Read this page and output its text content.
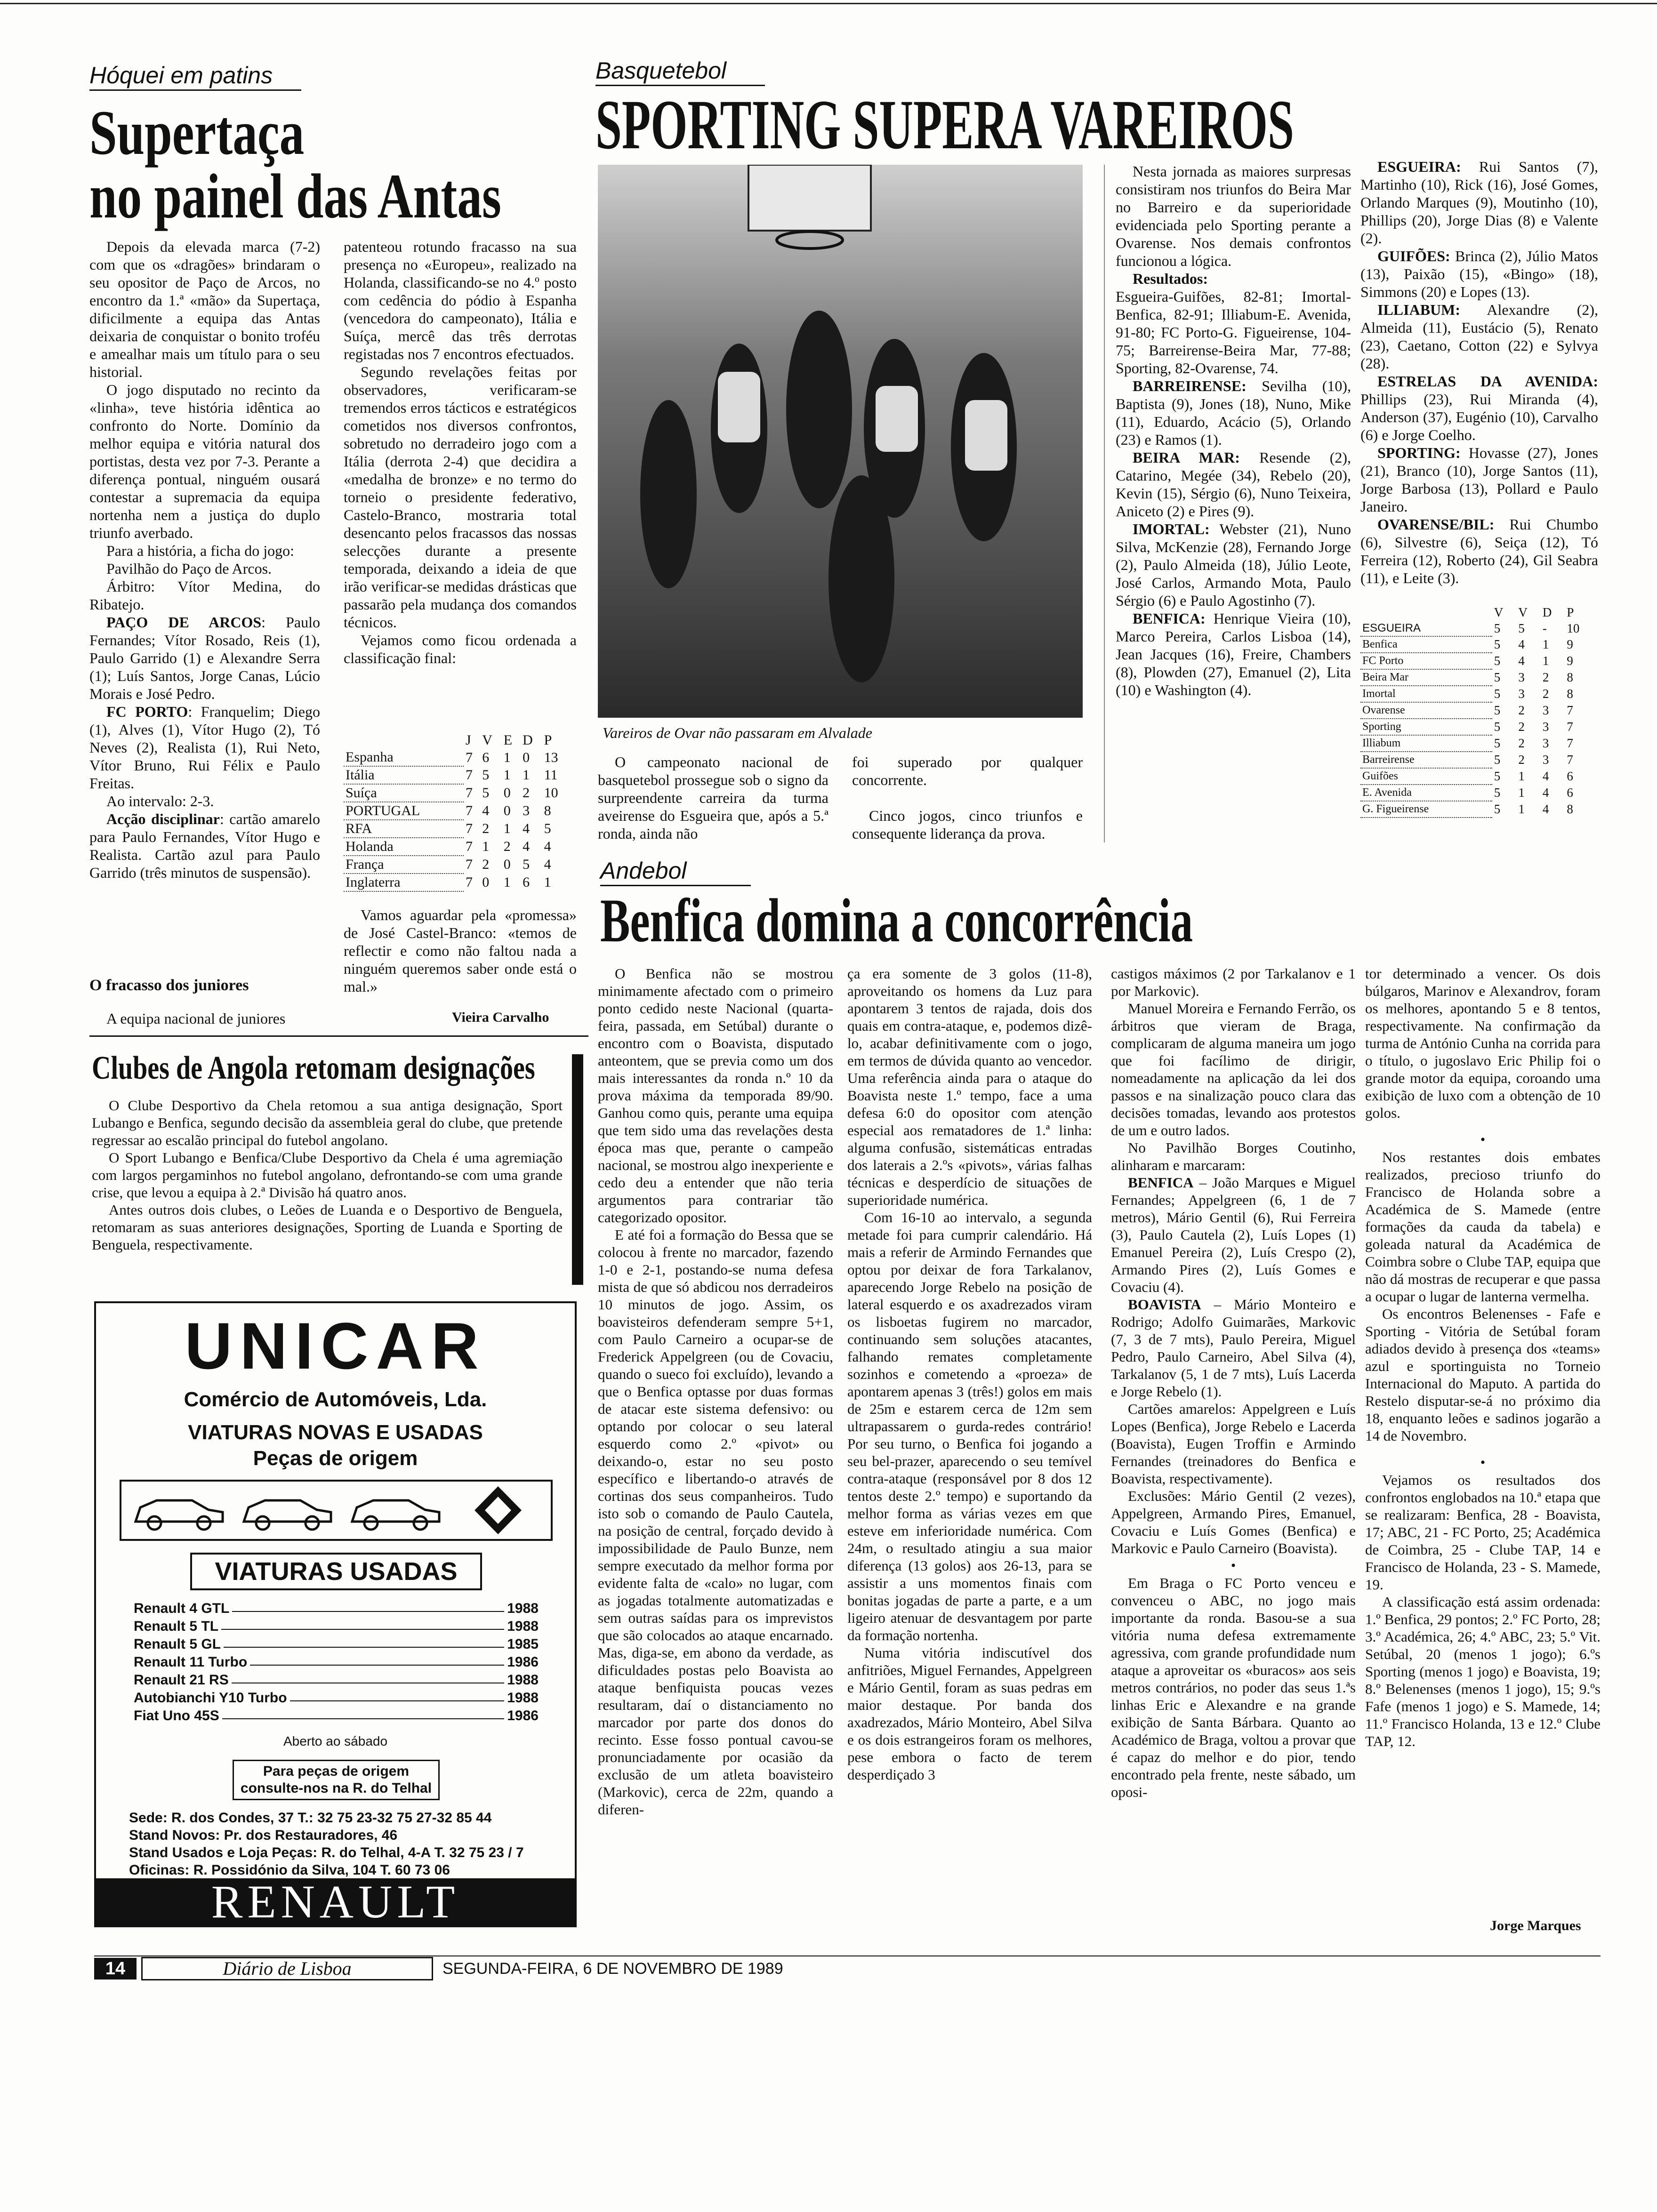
Hóquei em patins
Supertaça
no painel das Antas

Depois da elevada marca (7-2) com que os «dragões» brindaram o seu opositor de Paço de Arcos, no encontro da 1.ª «mão» da Supertaça, dificilmente a equipa das Antas deixaria de conquistar o bonito troféu e amealhar mais um título para o seu historial.

O jogo disputado no recinto da «linha», teve história idêntica ao confronto do Norte. Domínio da melhor equipa e vitória natural dos portistas, desta vez por 7-3. Perante a diferença pontual, ninguém ousará contestar a supremacia da equipa nortenha nem a justiça do duplo triunfo averbado.

Para a história, a ficha do jogo:

Pavilhão do Paço de Arcos.

Árbitro: Vítor Medina, do Ribatejo.

PAÇO DE ARCOS: Paulo Fernandes; Vítor Rosado, Reis (1), Paulo Garrido (1) e Alexandre Serra (1); Luís Santos, Jorge Canas, Lúcio Morais e José Pedro.

FC PORTO: Franquelim; Diego (1), Alves (1), Vítor Hugo (2), Tó Neves (2), Realista (1), Rui Neto, Vítor Bruno, Rui Félix e Paulo Freitas.

Ao intervalo: 2-3.

Acção disciplinar: cartão amarelo para Paulo Fernandes, Vítor Hugo e Realista. Cartão azul para Paulo Garrido (três minutos de suspensão).

O fracasso dos juniores

A equipa nacional de juniores

patenteou rotundo fracasso na sua presença no «Europeu», realizado na Holanda, classificando-se no 4.º posto com cedência do pódio à Espanha (vencedora do campeonato), Itália e Suíça, mercê das três derrotas registadas nos 7 encontros efectuados.

Segundo revelações feitas por observadores, verificaram-se tremendos erros tácticos e estratégicos cometidos nos diversos confrontos, sobretudo no derradeiro jogo com a Itália (derrota 2-4) que decidira a «medalha de bronze» e no termo do torneio o presidente federativo, Castelo-Branco, mostraria total desencanto pelos fracassos das nossas selecções durante a presente temporada, deixando a ideia de que irão verificar-se medidas drásticas que passarão pela mudança dos comandos técnicos.

Vejamos como ficou ordenada a classificação final:

	J	V	E	D	P
Espanha	7	6	1	0	13
Itália	7	5	1	1	11
Suíça	7	5	0	2	10
PORTUGAL	7	4	0	3	8
RFA	7	2	1	4	5
Holanda	7	1	2	4	4
França	7	2	0	5	4
Inglaterra	7	0	1	6	1

Vamos aguardar pela «promessa» de José Castel-Branco: «temos de reflectir e como não faltou nada a ninguém queremos saber onde está o mal.»

Vieira Carvalho
Clubes de Angola retomam designações

O Clube Desportivo da Chela retomou a sua antiga designação, Sport Lubango e Benfica, segundo decisão da assembleia geral do clube, que pretende regressar ao escalão principal do futebol angolano.

O Sport Lubango e Benfica/Clube Desportivo da Chela é uma agremiação com largos pergaminhos no futebol angolano, defrontando-se com uma grande crise, que levou a equipa à 2.ª Divisão há quatro anos.

Antes outros dois clubes, o Leões de Luanda e o Desportivo de Benguela, retomaram as suas anteriores designações, Sporting de Luanda e Sporting de Benguela, respectivamente.

UNICAR
Comércio de Automóveis, Lda.
VIATURAS NOVAS E USADAS
Peças de origem
VIATURAS USADAS
Renault 4 GTL	1988
Renault 5 TL	1988
Renault 5 GL	1985
Renault 11 Turbo	1986
Renault 21 RS	1988
Autobianchi Y10 Turbo	1988
Fiat Uno 45S	1986
Aberto ao sábado
Para peças de origem
consulte-nos na R. do Telhal
Sede: R. dos Condes, 37 T.: 32 75 23-32 75 27-32 85 44
Stand Novos: Pr. dos Restauradores, 46
Stand Usados e Loja Peças: R. do Telhal, 4-A T. 32 75 23 / 7
Oficinas: R. Possidónio da Silva, 104 T. 60 73 06
RENAULT
Basquetebol
SPORTING SUPERA VAREIROS
Vareiros de Ovar não passaram em Alvalade

O campeonato nacional de basquetebol prossegue sob o signo da surpreendente carreira da turma aveirense do Esgueira que, após a 5.ª ronda, ainda não

foi superado por qualquer concorrente.

Cinco jogos, cinco triunfos e consequente liderança da prova.

Nesta jornada as maiores surpresas consistiram nos triunfos do Beira Mar no Barreiro e da superioridade evidenciada pelo Sporting perante a Ovarense. Nos demais confrontos funcionou a lógica.

Resultados:

Esgueira-Guifões, 82-81; Imortal-Benfica, 82-91; Illiabum-E. Avenida, 91-80; FC Porto-G. Figueirense, 104-75; Barreirense-Beira Mar, 77-88; Sporting, 82-Ovarense, 74.

BARREIRENSE: Sevilha (10), Baptista (9), Jones (18), Nuno, Mike (11), Eduardo, Acácio (5), Orlando (23) e Ramos (1).

BEIRA MAR: Resende (2), Catarino, Megée (34), Rebelo (20), Kevin (15), Sérgio (6), Nuno Teixeira, Aniceto (2) e Pires (9).

IMORTAL: Webster (21), Nuno Silva, McKenzie (28), Fernando Jorge (2), Paulo Almeida (18), Júlio Leote, José Carlos, Armando Mota, Paulo Sérgio (6) e Paulo Agostinho (7).

BENFICA: Henrique Vieira (10), Marco Pereira, Carlos Lisboa (14), Jean Jacques (16), Freire, Chambers (8), Plowden (27), Emanuel (2), Lita (10) e Washington (4).

ESGUEIRA: Rui Santos (7), Martinho (10), Rick (16), José Gomes, Orlando Marques (9), Moutinho (10), Phillips (20), Jorge Dias (8) e Valente (2).

GUIFÕES: Brinca (2), Júlio Matos (13), Paixão (15), «Bingo» (18), Simmons (20) e Lopes (13).

ILLIABUM: Alexandre (2), Almeida (11), Eustácio (5), Renato (23), Caetano, Cotton (22) e Sylvya (28).

ESTRELAS DA AVENIDA: Phillips (23), Rui Miranda (4), Anderson (37), Eugénio (10), Carvalho (6) e Jorge Coelho.

SPORTING: Hovasse (27), Jones (21), Branco (10), Jorge Santos (11), Jorge Barbosa (13), Pollard e Paulo Janeiro.

OVARENSE/BIL: Rui Chumbo (6), Silvestre (6), Seiça (12), Tó Ferreira (12), Roberto (24), Gil Seabra (11), e Leite (3).

	V	V	D	P
ESGUEIRA	5	5	-	10
Benfica	5	4	1	9
FC Porto	5	4	1	9
Beira Mar	5	3	2	8
Imortal	5	3	2	8
Ovarense	5	2	3	7
Sporting	5	2	3	7
Illiabum	5	2	3	7
Barreirense	5	2	3	7
Guifões	5	1	4	6
E. Avenida	5	1	4	6
G. Figueirense	5	1	4	8
Andebol
Benfica domina a concorrência

O Benfica não se mostrou minimamente afectado com o primeiro ponto cedido neste Nacional (quarta-feira, passada, em Setúbal) durante o encontro com o Boavista, disputado anteontem, que se previa como um dos mais interessantes da ronda n.º 10 da prova máxima da temporada 89/90. Ganhou como quis, perante uma equipa que tem sido uma das revelações desta época mas que, perante o campeão nacional, se mostrou algo inexperiente e cedo deu a entender que não teria argumentos para contrariar tão categorizado opositor.

E até foi a formação do Bessa que se colocou à frente no marcador, fazendo 1-0 e 2-1, postando-se numa defesa mista de que só abdicou nos derradeiros 10 minutos de jogo. Assim, os boavisteiros defenderam sempre 5+1, com Paulo Carneiro a ocupar-se de Frederick Appelgreen (ou de Covaciu, quando o sueco foi excluído), levando a que o Benfica optasse por duas formas de atacar este sistema defensivo: ou optando por colocar o seu lateral esquerdo como 2.º «pivot» ou deixando-o, estar no seu posto específico e libertando-o através de cortinas dos seus companheiros. Tudo isto sob o comando de Paulo Cautela, na posição de central, forçado devido à impossibilidade de Paulo Bunze, nem sempre executado da melhor forma por evidente falta de «calo» no lugar, com as jogadas totalmente automatizadas e sem outras saídas para os imprevistos que são colocados ao ataque encarnado. Mas, diga-se, em abono da verdade, as dificuldades postas pelo Boavista ao ataque benfiquista poucas vezes resultaram, daí o distanciamento no marcador por parte dos donos do recinto. Esse fosso pontual cavou-se pronunciadamente por ocasião da exclusão de um atleta boavisteiro (Markovic), cerca de 22m, quando a diferen-

ça era somente de 3 golos (11-8), aproveitando os homens da Luz para apontarem 3 tentos de rajada, dois dos quais em contra-ataque, e, podemos dizê-lo, acabar definitivamente com o jogo, em termos de dúvida quanto ao vencedor. Uma referência ainda para o ataque do Boavista neste 1.º tempo, face a uma defesa 6:0 do opositor com atenção especial aos rematadores de 1.ª linha: alguma confusão, sistemáticas entradas dos laterais a 2.ºs «pivots», várias falhas técnicas e desperdício de situações de superioridade numérica.

Com 16-10 ao intervalo, a segunda metade foi para cumprir calendário. Há mais a referir de Armindo Fernandes que optou por deixar de fora Tarkalanov, aparecendo Jorge Rebelo na posição de lateral esquerdo e os axadrezados viram os lisboetas fugirem no marcador, continuando sem soluções atacantes, falhando remates completamente sozinhos e cometendo a «proeza» de apontarem apenas 3 (três!) golos em mais de 25m e estarem cerca de 12m sem ultrapassarem o gurda-redes contrário! Por seu turno, o Benfica foi jogando a seu bel-prazer, aparecendo o seu temível contra-ataque (responsável por 8 dos 12 tentos deste 2.º tempo) e suportando da melhor forma as várias vezes em que esteve em inferioridade numérica. Com 24m, o resultado atingiu a sua maior diferença (13 golos) aos 26-13, para se assistir a uns momentos finais com bonitas jogadas de parte a parte, e a um ligeiro atenuar de desvantagem por parte da formação nortenha.

Numa vitória indiscutível dos anfitriões, Miguel Fernandes, Appelgreen e Mário Gentil, foram as suas pedras em maior destaque. Por banda dos axadrezados, Mário Monteiro, Abel Silva e os dois estrangeiros foram os melhores, pese embora o facto de terem desperdiçado 3

castigos máximos (2 por Tarkalanov e 1 por Markovic).

Manuel Moreira e Fernando Ferrão, os árbitros que vieram de Braga, complicaram de alguma maneira um jogo que foi facílimo de dirigir, nomeadamente na aplicação da lei dos passos e na sinalização pouco clara das decisões tomadas, levando aos protestos de um e outro lados.

No Pavilhão Borges Coutinho, alinharam e marcaram:

BENFICA – João Marques e Miguel Fernandes; Appelgreen (6, 1 de 7 metros), Mário Gentil (6), Rui Ferreira (3), Paulo Cautela (2), Luís Lopes (1) Emanuel Pereira (2), Luís Crespo (2), Armando Pires (2), Luís Gomes e Covaciu (4).

BOAVISTA – Mário Monteiro e Rodrigo; Adolfo Guimarães, Markovic (7, 3 de 7 mts), Paulo Pereira, Miguel Pedro, Paulo Carneiro, Abel Silva (4), Tarkalanov (5, 1 de 7 mts), Luís Lacerda e Jorge Rebelo (1).

Cartões amarelos: Appelgreen e Luís Lopes (Benfica), Jorge Rebelo e Lacerda (Boavista), Eugen Troffin e Armindo Fernandes (treinadores do Benfica e Boavista, respectivamente).

Exclusões: Mário Gentil (2 vezes), Appelgreen, Armando Pires, Emanuel, Covaciu e Luís Gomes (Benfica) e Markovic e Paulo Carneiro (Boavista).

•

Em Braga o FC Porto venceu e convenceu o ABC, no jogo mais importante da ronda. Basou-se a sua vitória numa defesa extremamente agressiva, com grande profundidade num ataque a aproveitar os «buracos» aos seis metros contrários, no poder das seus 1.ªs linhas Eric e Alexandre e na grande exibição de Santa Bárbara. Quanto ao Académico de Braga, voltou a provar que é capaz do melhor e do pior, tendo encontrado pela frente, neste sábado, um oposi-

tor determinado a vencer. Os dois búlgaros, Marinov e Alexandrov, foram os melhores, apontando 5 e 8 tentos, respectivamente. Na confirmação da turma de António Cunha na corrida para o título, o jugoslavo Eric Philip foi o grande motor da equipa, coroando uma exibição de luxo com a obtenção de 10 golos.

•

Nos restantes dois embates realizados, precioso triunfo do Francisco de Holanda sobre a Académica de S. Mamede (entre formações da cauda da tabela) e goleada natural da Académica de Coimbra sobre o Clube TAP, equipa que não dá mostras de recuperar e que passa a ocupar o lugar de lanterna vermelha.

Os encontros Belenenses - Fafe e Sporting - Vitória de Setúbal foram adiados devido à presença dos «teams» azul e sportinguista no Torneio Internacional do Maputo. A partida do Restelo disputar-se-á no próximo dia 18, enquanto leões e sadinos jogarão a 14 de Novembro.

•

Vejamos os resultados dos confrontos englobados na 10.ª etapa que se realizaram: Benfica, 28 - Boavista, 17; ABC, 21 - FC Porto, 25; Académica de Coimbra, 25 - Clube TAP, 14 e Francisco de Holanda, 23 - S. Mamede, 19.

A classificação está assim ordenada: 1.º Benfica, 29 pontos; 2.º FC Porto, 28; 3.º Académica, 26; 4.º ABC, 23; 5.º Vit. Setúbal, 20 (menos 1 jogo); 6.ºs Sporting (menos 1 jogo) e Boavista, 19; 8.º Belenenses (menos 1 jogo), 15; 9.ºs Fafe (menos 1 jogo) e S. Mamede, 14; 11.º Francisco Holanda, 13 e 12.º Clube TAP, 12.

Jorge Marques
14	Diário de Lisboa	SEGUNDA-FEIRA, 6 DE NOVEMBRO DE 1989
